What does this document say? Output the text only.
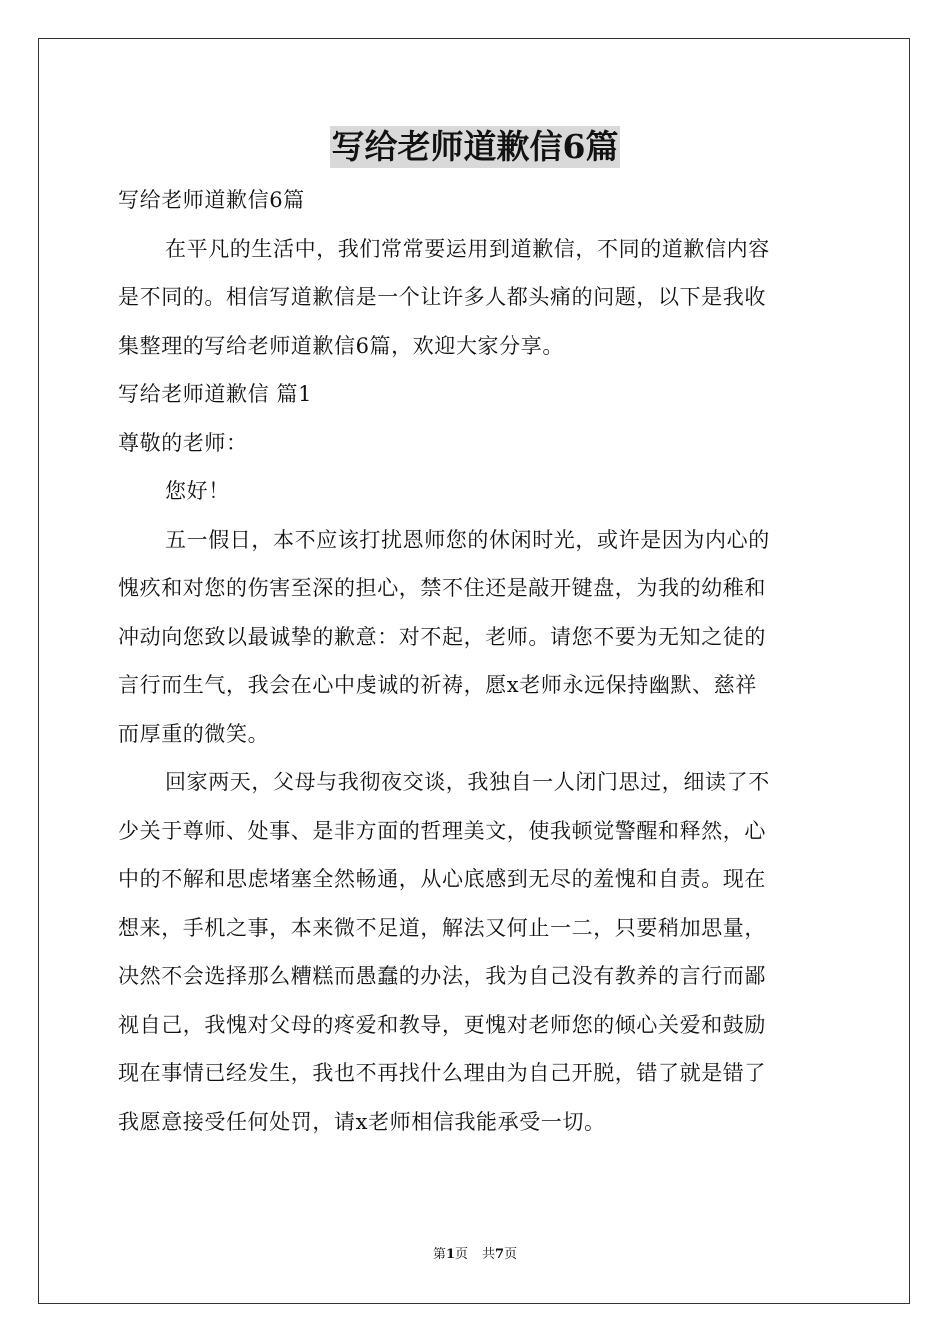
写给老师道歉信6篇
写给老师道歉信6篇
在平凡的生活中，我们常常要运用到道歉信，不同的道歉信内容
是不同的。相信写道歉信是一个让许多人都头痛的问题，以下是我收
集整理的写给老师道歉信6篇，欢迎大家分享。
写给老师道歉信 篇1
尊敬的老师：
您好！
五一假日，本不应该打扰恩师您的休闲时光，或许是因为内心的
愧疚和对您的伤害至深的担心，禁不住还是敲开键盘，为我的幼稚和
冲动向您致以最诚挚的歉意：对不起，老师。请您不要为无知之徒的
言行而生气，我会在心中虔诚的祈祷，愿x老师永远保持幽默、慈祥
而厚重的微笑。
回家两天，父母与我彻夜交谈，我独自一人闭门思过，细读了不
少关于尊师、处事、是非方面的哲理美文，使我顿觉警醒和释然，心
中的不解和思虑堵塞全然畅通，从心底感到无尽的羞愧和自责。现在
想来，手机之事，本来微不足道，解法又何止一二，只要稍加思量，
决然不会选择那么糟糕而愚蠢的办法，我为自己没有教养的言行而鄙
视自己，我愧对父母的疼爱和教导，更愧对老师您的倾心关爱和鼓励
现在事情已经发生，我也不再找什么理由为自己开脱，错了就是错了
我愿意接受任何处罚，请x老师相信我能承受一切。
第1页 共7页
